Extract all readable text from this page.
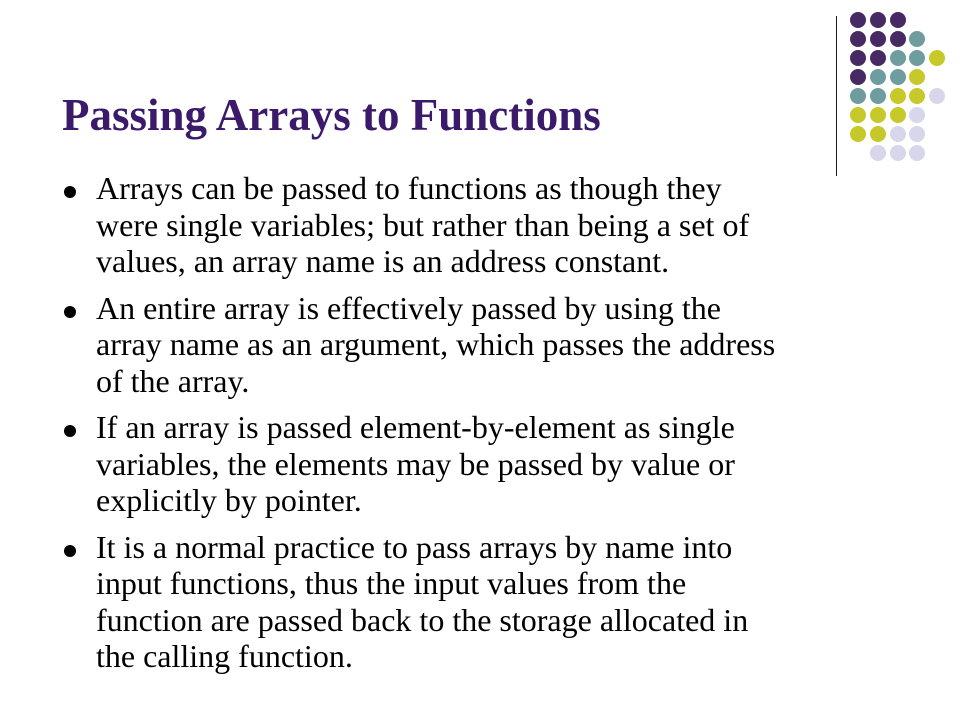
Passing Arrays to Functions
Arrays can be passed to functions as though they
were single variables; but rather than being a set of
values, an array name is an address constant.
An entire array is effectively passed by using the
array name as an argument, which passes the address
of the array.
If an array is passed element-by-element as single
variables, the elements may be passed by value or
explicitly by pointer.
It is a normal practice to pass arrays by name into
input functions, thus the input values from the
function are passed back to the storage allocated in
the calling function.
